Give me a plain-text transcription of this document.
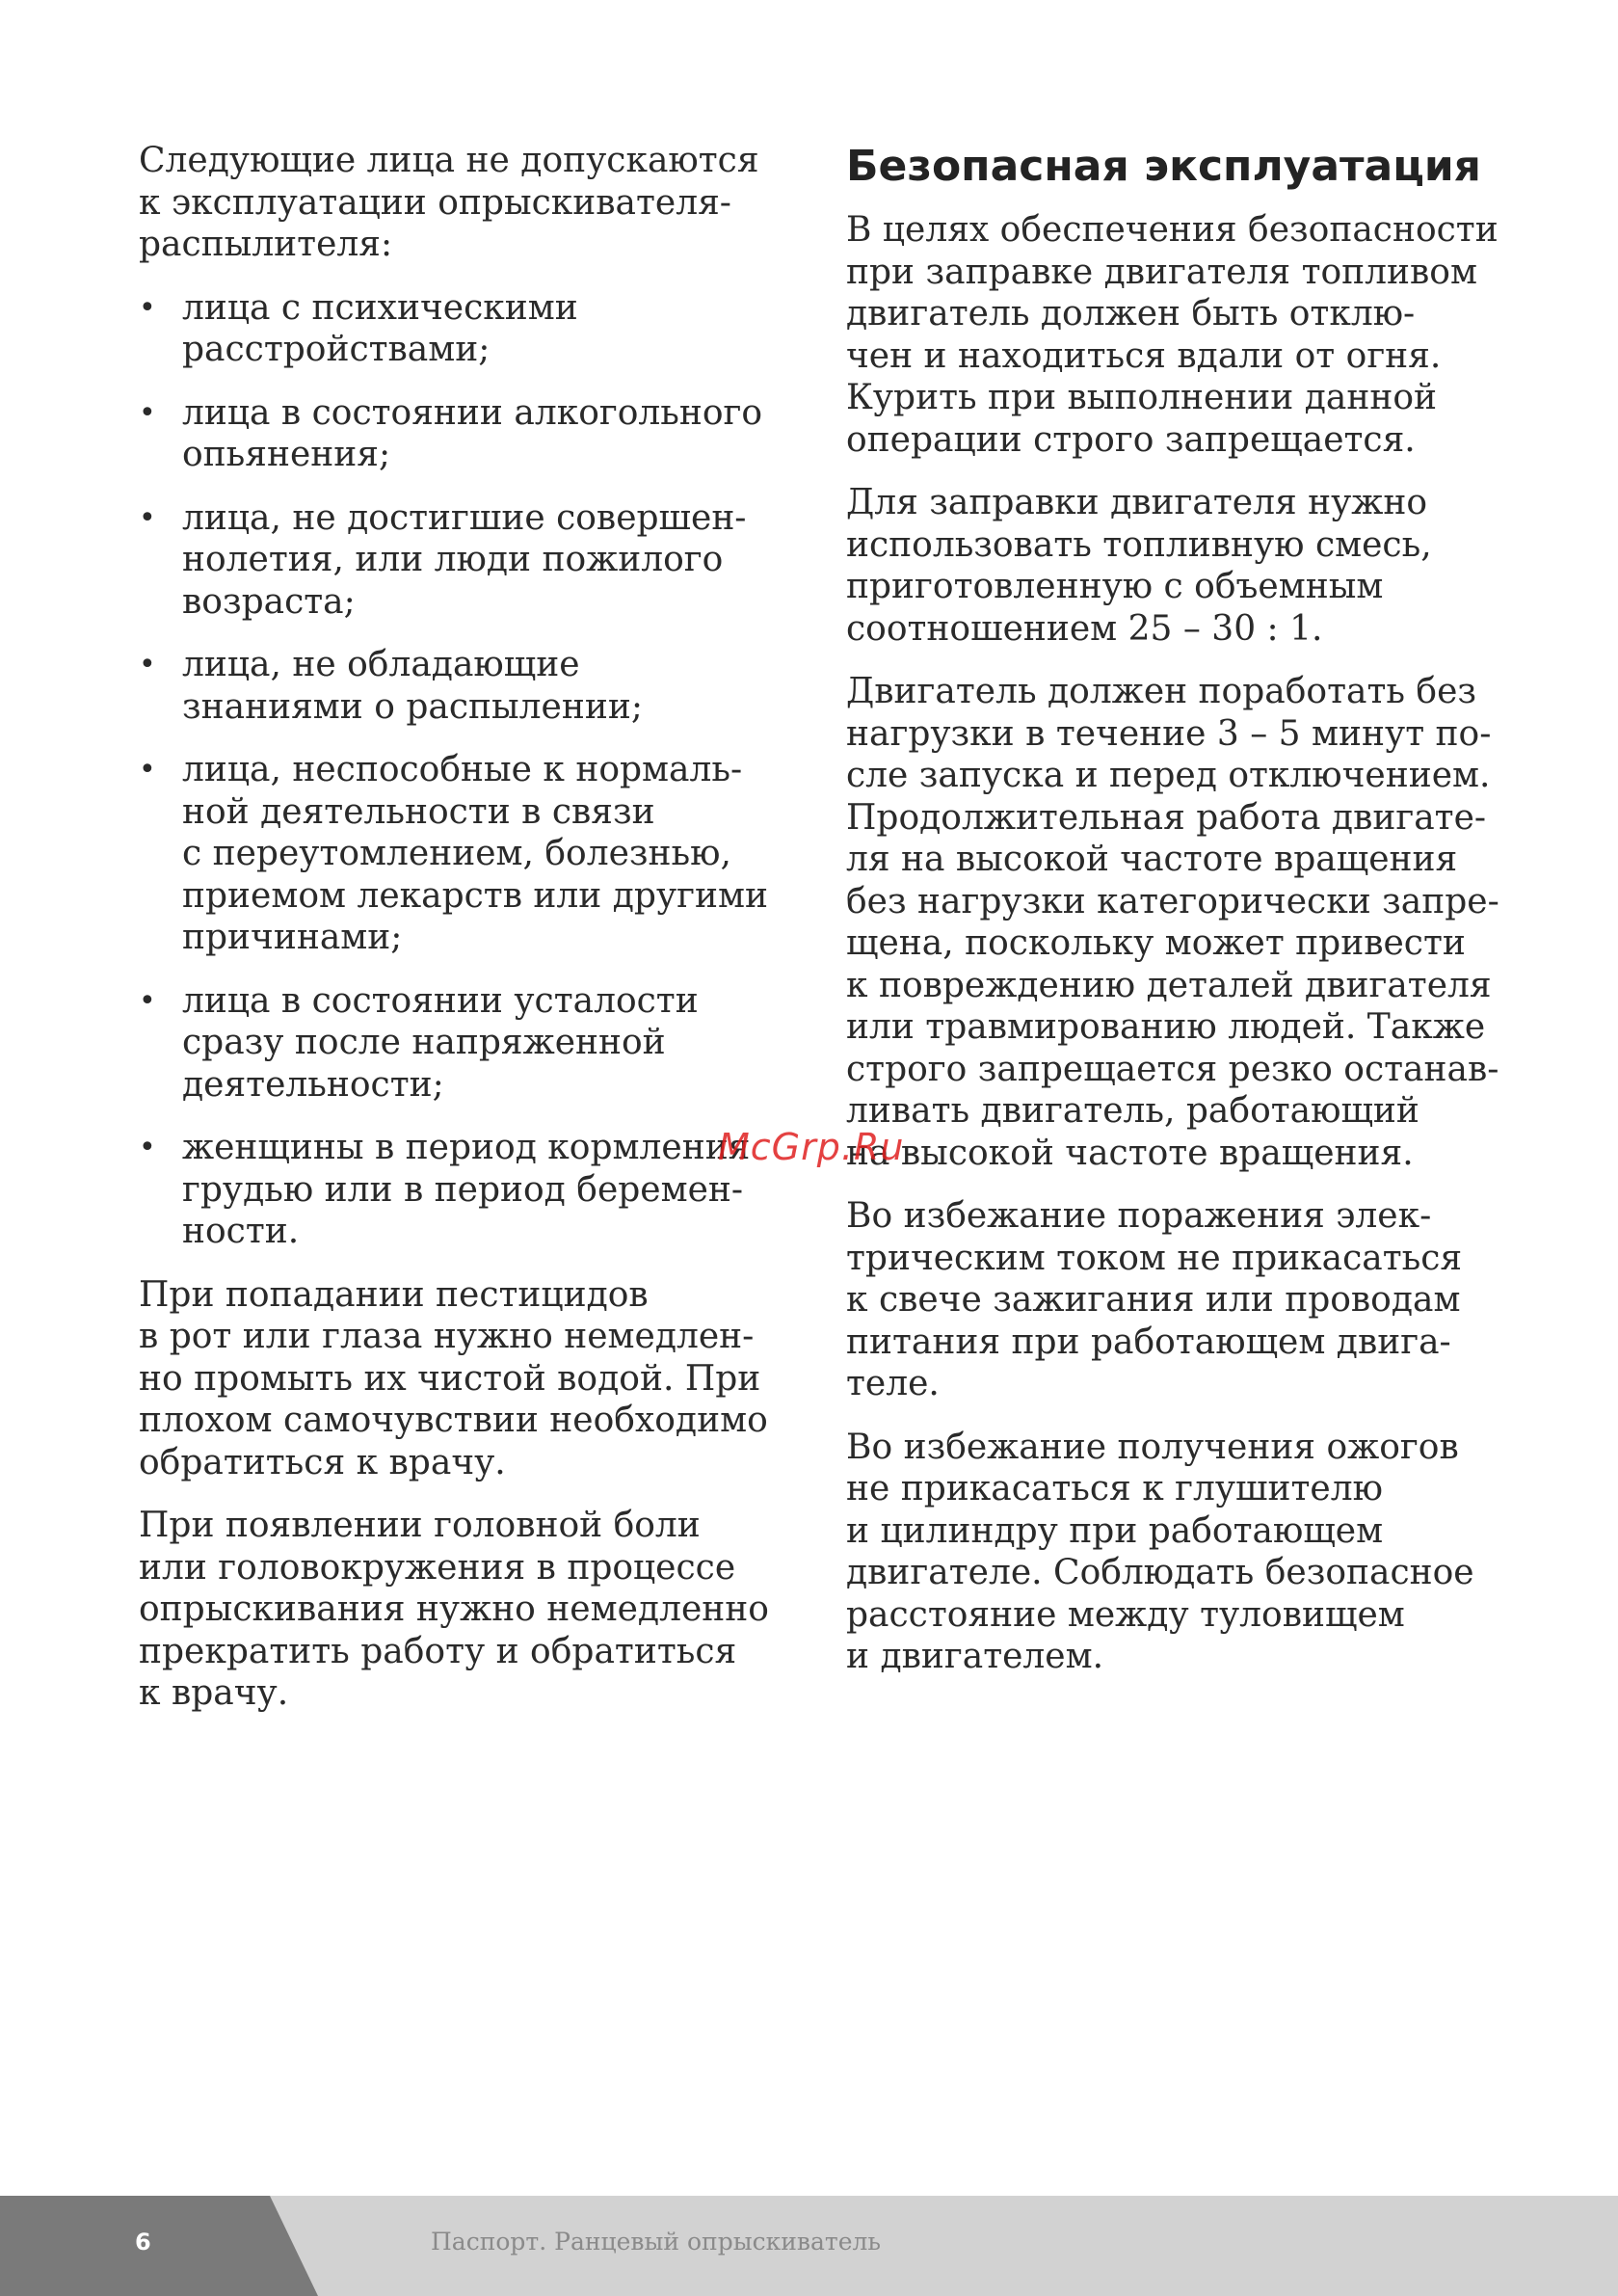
Следующие лица не допускаются
к эксплуатации опрыскивателя-
распылителя:

• лица с психическими
расстройствами;
• лица в состоянии алкогольного
опьянения;
• лица, не достигшие совершен-
нолетия, или люди пожилого
возраста;
• лица, не обладающие
знаниями о распылении;
• лица, неспособные к нормаль-
ной деятельности в связи
с переутомлением, болезнью,
приемом лекарств или другими
причинами;
• лица в состоянии усталости
сразу после напряженной
деятельности;
• женщины в период кормления
грудью или в период беремен-
ности.

При попадании пестицидов
в рот или глаза нужно немедлен-
но промыть их чистой водой. При
плохом самочувствии необходимо
обратиться к врачу.

При появлении головной боли
или головокружения в процессе
опрыскивания нужно немедленно
прекратить работу и обратиться
к врачу.

Безопасная эксплуатация

В целях обеспечения безопасности
при заправке двигателя топливом
двигатель должен быть отклю-
чен и находиться вдали от огня.
Курить при выполнении данной
операции строго запрещается.

Для заправки двигателя нужно
использовать топливную смесь,
приготовленную с объемным
соотношением 25 – 30 : 1.

Двигатель должен поработать без
нагрузки в течение 3 – 5 минут по-
сле запуска и перед отключением.
Продолжительная работа двигате-
ля на высокой частоте вращения
без нагрузки категорически запре-
щена, поскольку может привести
к повреждению деталей двигателя
или травмированию людей. Также
строго запрещается резко останав-
ливать двигатель, работающий
на высокой частоте вращения.

Во избежание поражения элек-
трическим током не прикасаться
к свече зажигания или проводам
питания при работающем двига-
теле.

Во избежание получения ожогов
не прикасаться к глушителю
и цилиндру при работающем
двигателе. Соблюдать безопасное
расстояние между туловищем
и двигателем.

McGrp.Ru
6	Паспорт. Ранцевый опрыскиватель
